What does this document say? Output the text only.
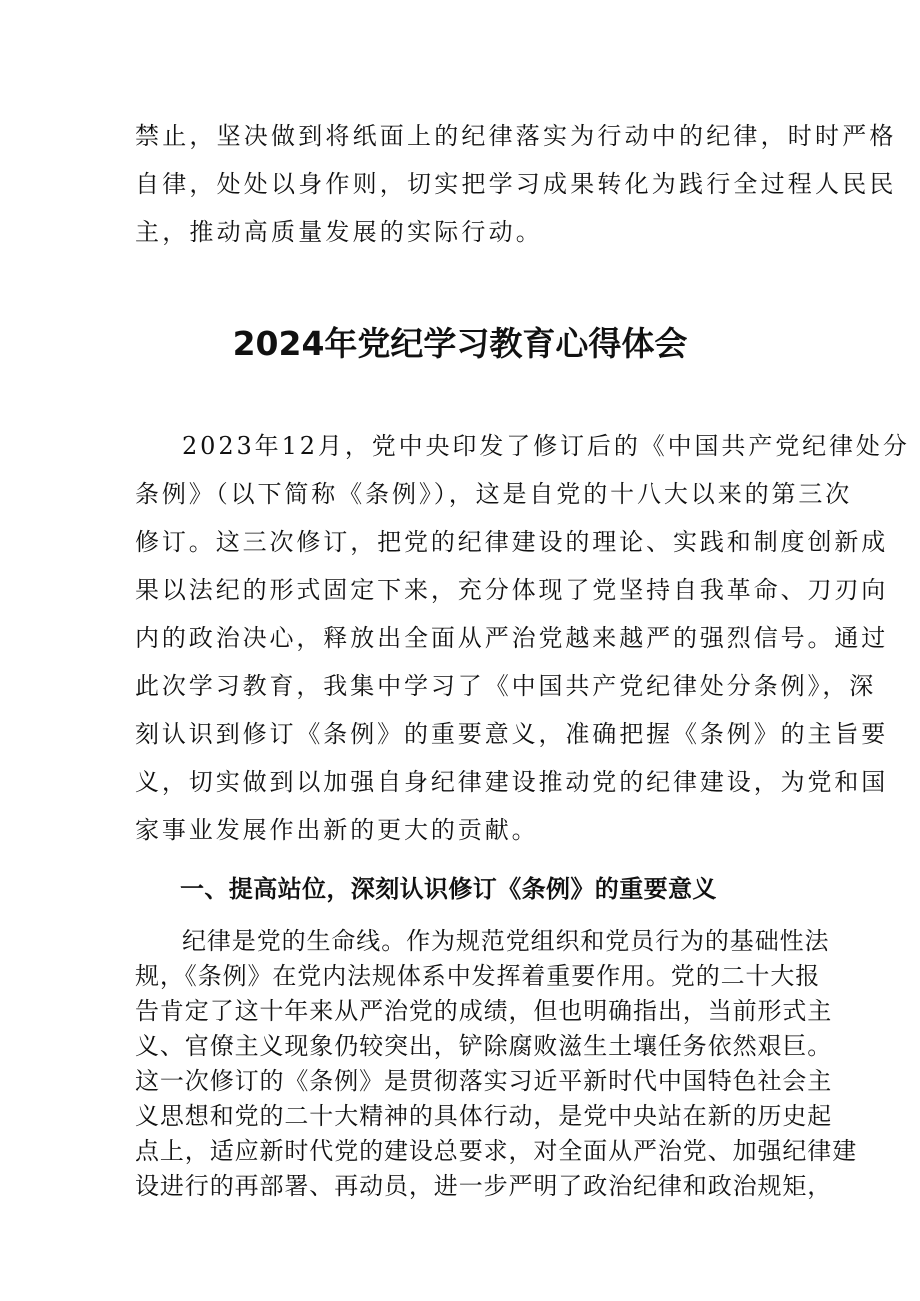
禁止，坚决做到将纸面上的纪律落实为行动中的纪律，时时严格

自律，处处以身作则，切实把学习成果转化为践行全过程人民民

主，推动高质量发展的实际行动。

2024年党纪学习教育心得体会

2023年12月，党中央印发了修订后的《中国共产党纪律处分

条例》（以下简称《条例》），这是自党的十八大以来的第三次

修订。这三次修订，把党的纪律建设的理论、实践和制度创新成

果以法纪的形式固定下来，充分体现了党坚持自我革命、刀刃向

内的政治决心，释放出全面从严治党越来越严的强烈信号。通过

此次学习教育，我集中学习了《中国共产党纪律处分条例》，深

刻认识到修订《条例》的重要意义，准确把握《条例》的主旨要

义，切实做到以加强自身纪律建设推动党的纪律建设，为党和国

家事业发展作出新的更大的贡献。

一、提高站位，深刻认识修订《条例》的重要意义

纪律是党的生命线。作为规范党组织和党员行为的基础性法

规，《条例》在党内法规体系中发挥着重要作用。党的二十大报

告肯定了这十年来从严治党的成绩，但也明确指出，当前形式主

义、官僚主义现象仍较突出，铲除腐败滋生土壤任务依然艰巨。

这一次修订的《条例》是贯彻落实习近平新时代中国特色社会主

义思想和党的二十大精神的具体行动，是党中央站在新的历史起

点上，适应新时代党的建设总要求，对全面从严治党、加强纪律建

设进行的再部署、再动员，进一步严明了政治纪律和政治规矩，
